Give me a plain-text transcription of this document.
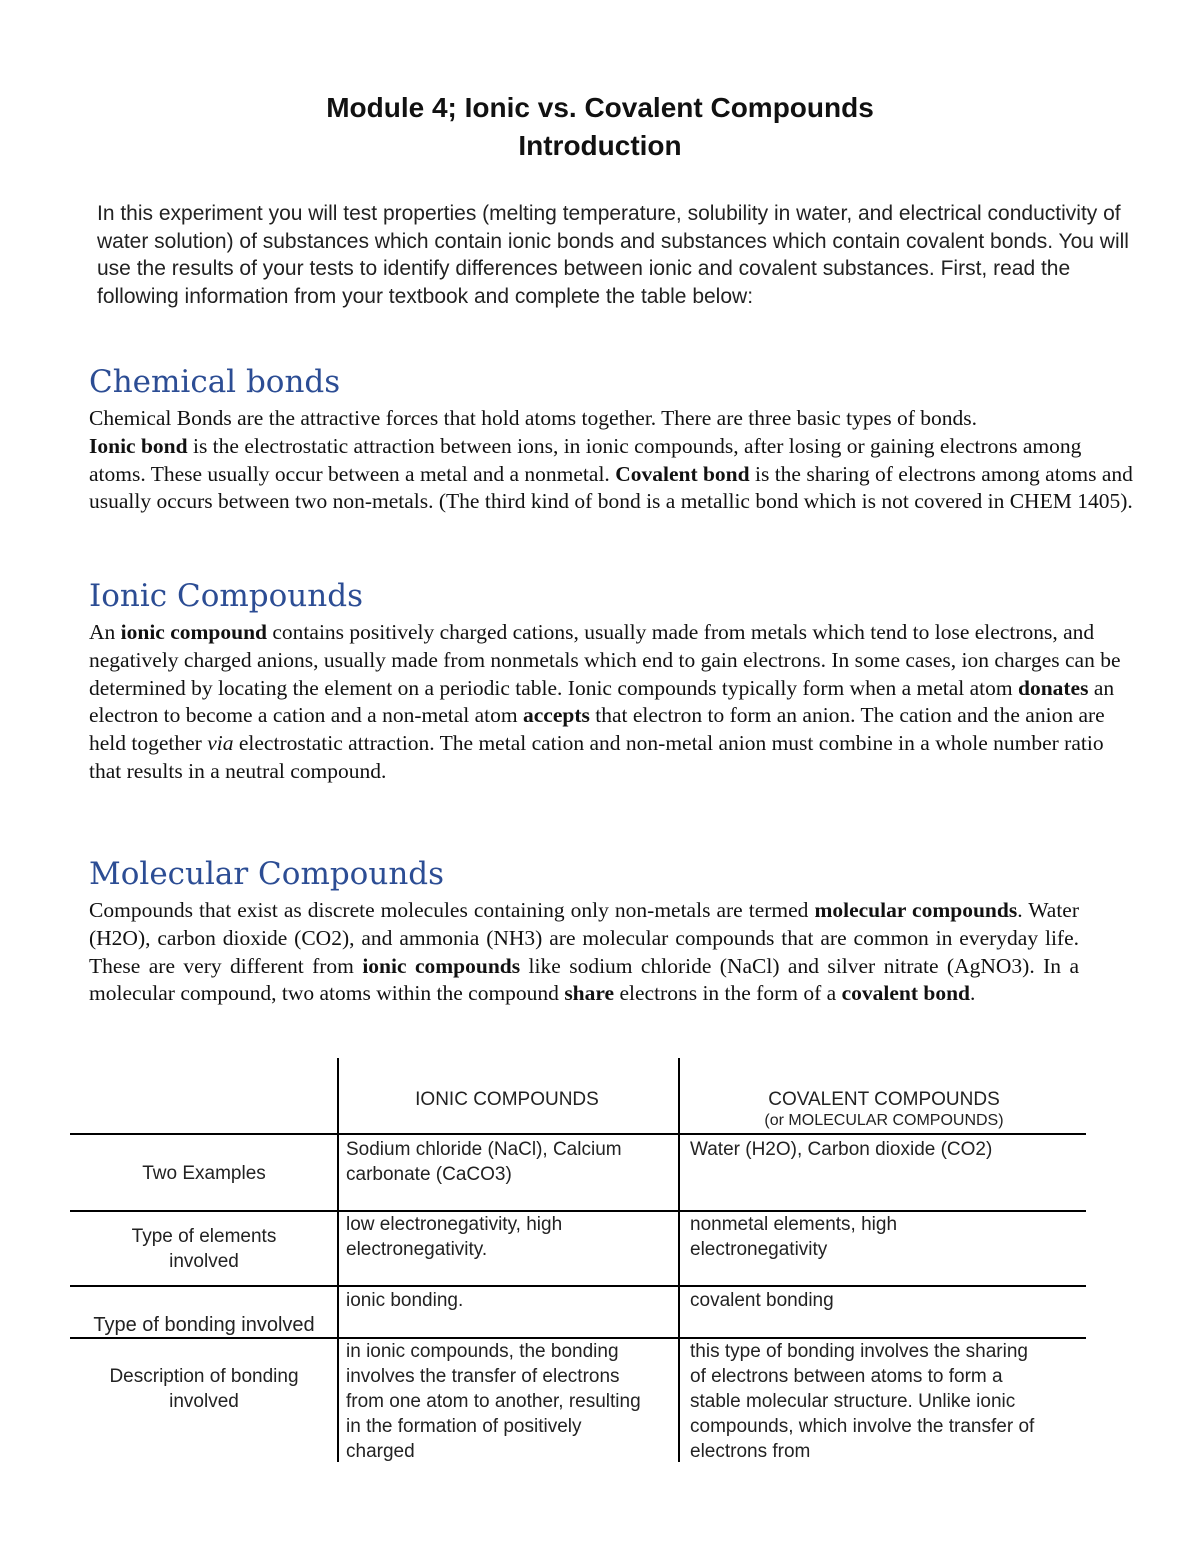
Module 4; Ionic vs. Covalent Compounds
Introduction
In this experiment you will test properties (melting temperature, solubility in water, and electrical conductivity of water solution) of substances which contain ionic bonds and substances which contain covalent bonds. You will use the results of your tests to identify differences between ionic and covalent substances. First, read the following information from your textbook and complete the table below:
Chemical bonds

Chemical Bonds are the attractive forces that hold atoms together. There are three basic types of bonds.
Ionic bond is the electrostatic attraction between ions, in ionic compounds, after losing or gaining electrons among atoms. These usually occur between a metal and a nonmetal. Covalent bond is the sharing of electrons among atoms and usually occurs between two non-metals. (The third kind of bond is a metallic bond which is not covered in CHEM 1405).

Ionic Compounds

An ionic compound contains positively charged cations, usually made from metals which tend to lose electrons, and negatively charged anions, usually made from nonmetals which end to gain electrons. In some cases, ion charges can be determined by locating the element on a periodic table. Ionic compounds typically form when a metal atom donates an electron to become a cation and a non-metal atom accepts that electron to form an anion. The cation and the anion are held together via electrostatic attraction. The metal cation and non-metal anion must combine in a whole number ratio that results in a neutral compound.

Molecular Compounds

Compounds that exist as discrete molecules containing only non-metals are termed molecular compounds. Water (H2O), carbon dioxide (CO2), and ammonia (NH3) are molecular compounds that are common in everyday life. These are very different from ionic compounds like sodium chloride (NaCl) and silver nitrate (AgNO3). In a molecular compound, two atoms within the compound share electrons in the form of a covalent bond.

IONIC COMPOUNDS	COVALENT COMPOUNDS
(or MOLECULAR COMPOUNDS)
Two Examples
Sodium chloride (NaCl), Calcium carbonate (CaCO3)
Water (H2O), Carbon dioxide (CO2)
Type of elements involved
low electronegativity, high electronegativity.
nonmetal elements, high electronegativity
Type of bonding involved
ionic bonding.	covalent bonding
Description of bonding involved
in ionic compounds, the bonding involves the transfer of electrons from one atom to another, resulting in the formation of positively charged
this type of bonding involves the sharing of electrons between atoms to form a stable molecular structure. Unlike ionic compounds, which involve the transfer of electrons from
